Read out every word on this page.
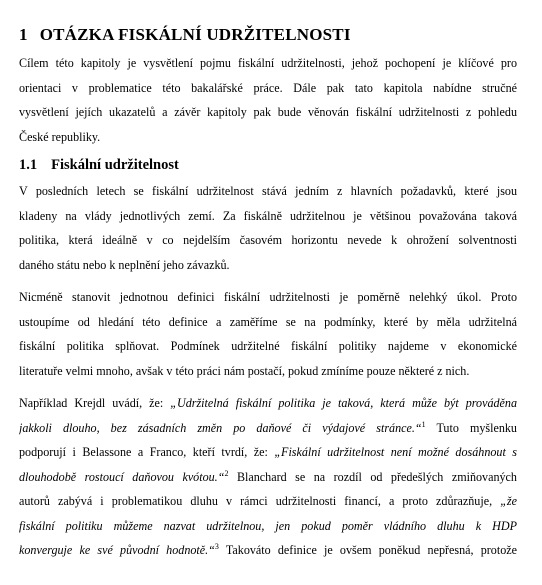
1 OTÁZKA FISKÁLNÍ UDRŽITELNOSTI
Cílem této kapitoly je vysvětlení pojmu fiskální udržitelnosti, jehož pochopení je klíčové pro
orientaci v problematice této bakalářské práce. Dále pak tato kapitola nabídne stručné
vysvětlení jejích ukazatelů a závěr kapitoly pak bude věnován fiskální udržitelnosti z pohledu
České republiky.
1.1 Fiskální udržitelnost
V posledních letech se fiskální udržitelnost stává jedním z hlavních požadavků, které jsou
kladeny na vlády jednotlivých zemí. Za fiskálně udržitelnou je většinou považována taková
politika, která ideálně v co nejdelším časovém horizontu nevede k ohrožení solventnosti
daného státu nebo k neplnění jeho závazků.
Nicméně stanovit jednotnou definici fiskální udržitelnosti je poměrně nelehký úkol. Proto
ustoupíme od hledání této definice a zaměříme se na podmínky, které by měla udržitelná
fiskální politika splňovat. Podmínek udržitelné fiskální politiky najdeme v ekonomické
literatuře velmi mnoho, avšak v této práci nám postačí, pokud zmíníme pouze některé z nich.
Například Krejdl uvádí, že: „Udržitelná fiskální politika je taková, která může být prováděna
jakkoli dlouho, bez zásadních změn po daňové či výdajové stránce.“$^1$ Tuto myšlenku
podporují i Belassone a Franco, kteří tvrdí, že: „Fiskální udržitelnost není možné dosáhnout s
dlouhodobě rostoucí daňovou kvótou.“$^2$ Blanchard se na rozdíl od předešlých zmiňovaných
autorů zabývá i problematikou dluhu v rámci udržitelnosti financí, a proto zdůrazňuje, „že
fiskální politiku můžeme nazvat udržitelnou, jen pokud poměr vládního dluhu k HDP
konverguje ke své původní hodnotě.“$^3$ Takováto definice je ovšem poněkud nepřesná, protože
